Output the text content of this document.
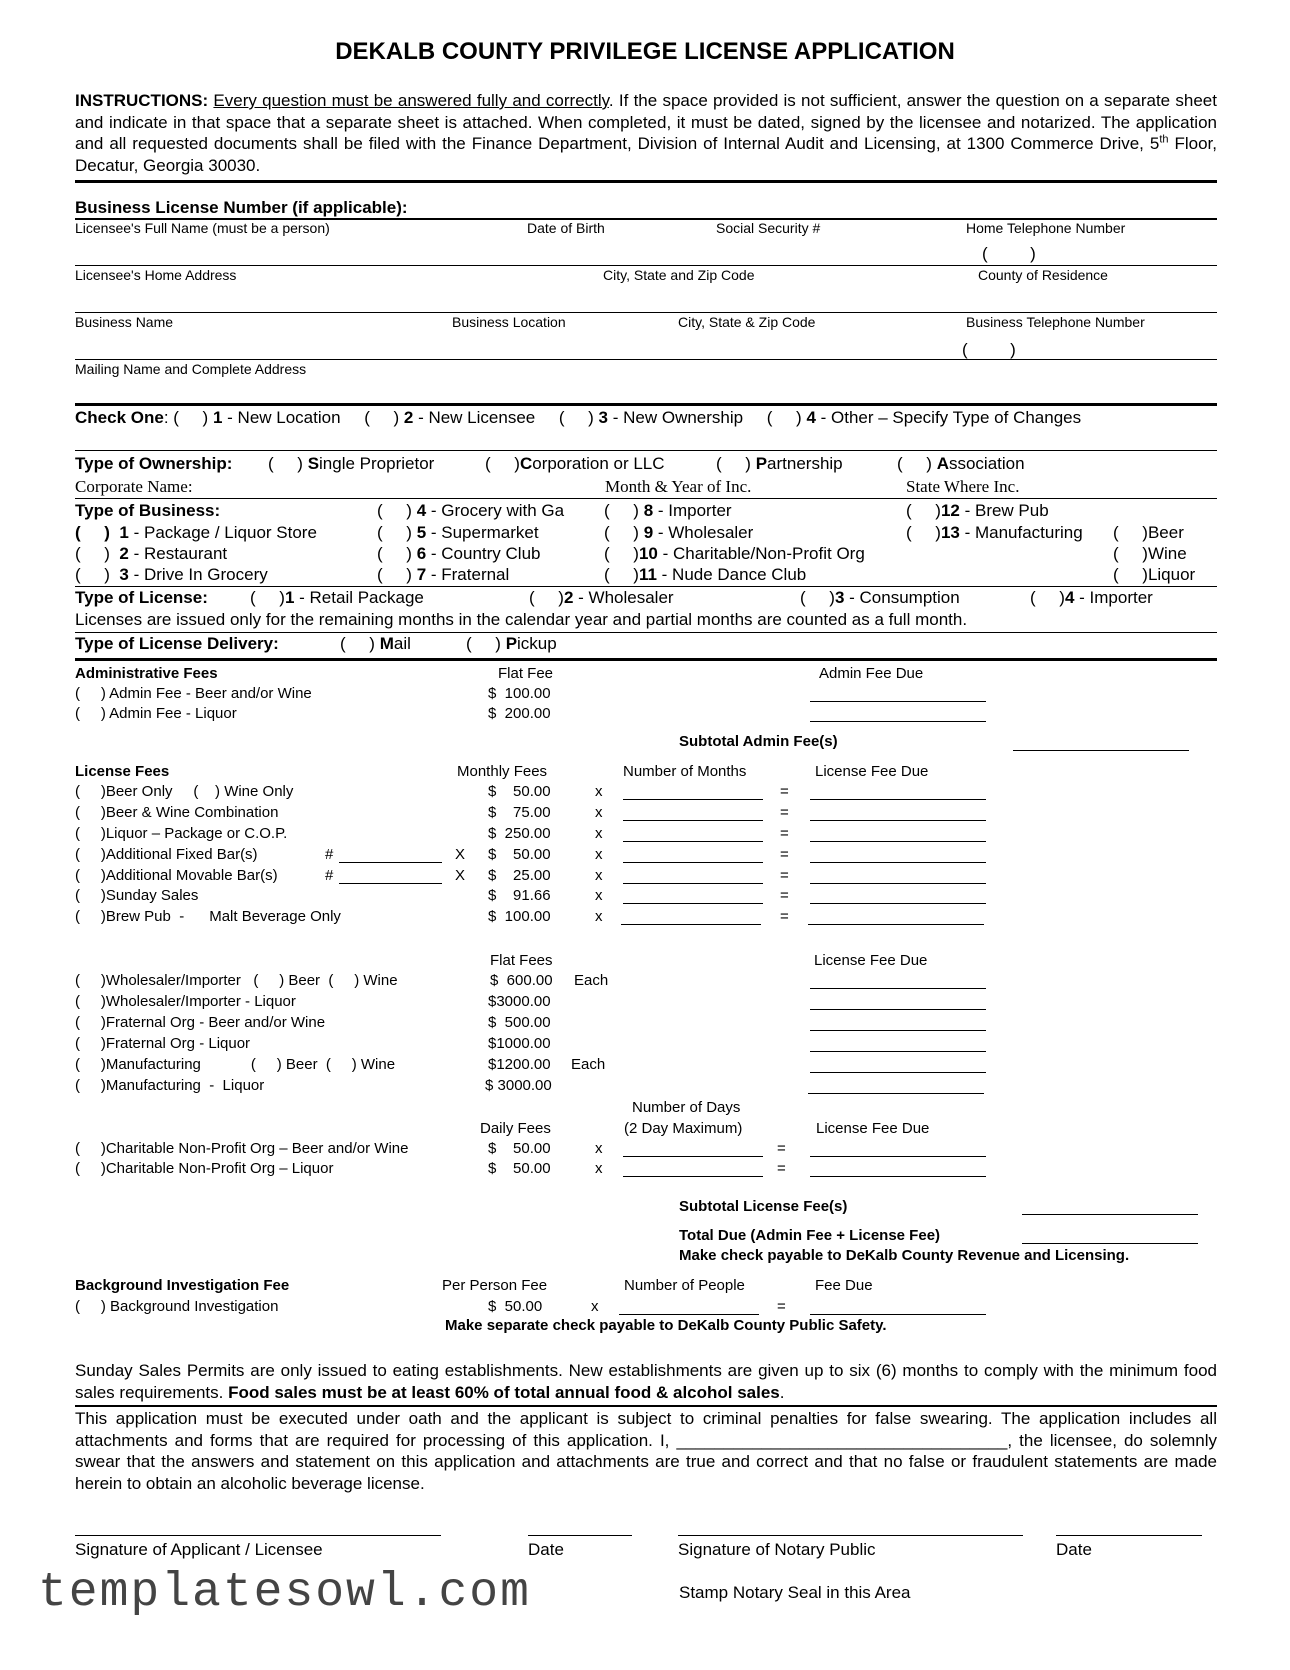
DEKALB COUNTY PRIVILEGE LICENSE APPLICATION
INSTRUCTIONS: Every question must be answered fully and correctly. If the space provided is not sufficient, answer the question on a separate sheet and indicate in that space that a separate sheet is attached. When completed, it must be dated, signed by the licensee and notarized. The application and all requested documents shall be filed with the Finance Department, Division of Internal Audit and Licensing, at 1300 Commerce Drive, 5th Floor, Decatur, Georgia 30030.
Business License Number (if applicable):
Licensee's Full Name (must be a person)	Date of Birth	Social Security #	Home Telephone Number
(         )
Licensee's Home Address	City, State and Zip Code	County of Residence
Business Name	Business Location	City, State & Zip Code	Business Telephone Number
(         )
Mailing Name and Complete Address
Check One: (     ) 1 - New Location (     ) 2 - New Licensee (     ) 3 - New Ownership (     ) 4 - Other – Specify Type of Changes
Type of Ownership: (     ) Single Proprietor	(     )Corporation or LLC	(     ) Partnership	(     ) Association
Corporate Name:	Month & Year of Inc.	State Where Inc.
Type of Business:
(     ) 1 - Package / Liquor Store
(     ) 2 - Restaurant
(     ) 3 - Drive In Grocery
(     ) 4 - Grocery with Ga
(     ) 5 - Supermarket
(     ) 6 - Country Club
(     ) 7 - Fraternal
(     ) 8 - Importer
(     ) 9 - Wholesaler
(     )10 - Charitable/Non-Profit Org
(     )11 - Nude Dance Club
(     )12 - Brew Pub
(     )13 - Manufacturing (     )Beer
(     )Wine
(     )Liquor
Type of License: (     )1 - Retail Package	(     )2 - Wholesaler	(     )3 - Consumption	(     )4 - Importer
Licenses are issued only for the remaining months in the calendar year and partial months are counted as a full month.
Type of License Delivery:	(     ) Mail	(     ) Pickup
Administrative Fees	Flat Fee	Admin Fee Due
(     ) Admin Fee - Beer and/or Wine	$  100.00
(     ) Admin Fee - Liquor	$  200.00
Subtotal Admin Fee(s)
License Fees	Monthly Fees	Number of Months	License Fee Due
(     )Beer Only     (    ) Wine Only	$    50.00	x	=
(     )Beer & Wine Combination	$    75.00	x	=
(     )Liquor – Package or C.O.P.	$  250.00	x	=
(     )Additional Fixed Bar(s)	#	X $    50.00	x	=
(     )Additional Movable Bar(s)	#	X $    25.00	x	=
(     )Sunday Sales	$    91.66	x	=
(     )Brew Pub  -      Malt Beverage Only	$  100.00	x	=
Flat Fees	License Fee Due
(     )Wholesaler/Importer   (     ) Beer  (     ) Wine	$  600.00 Each
(     )Wholesaler/Importer - Liquor	$3000.00
(     )Fraternal Org - Beer and/or Wine	$  500.00
(     )Fraternal Org - Liquor	$1000.00
(     )Manufacturing            (     ) Beer  (     ) Wine	$1200.00 Each
(     )Manufacturing  -  Liquor	$ 3000.00
Number of Days
Daily Fees	(2 Day Maximum)	License Fee Due
(     )Charitable Non-Profit Org – Beer and/or Wine	$    50.00	x	=
(     )Charitable Non-Profit Org – Liquor	$    50.00	x	=
Subtotal License Fee(s)
Total Due (Admin Fee + License Fee)
Make check payable to DeKalb County Revenue and Licensing.
Background Investigation Fee	Per Person Fee	Number of People	Fee Due
(     ) Background Investigation	$  50.00	x	=
Make separate check payable to DeKalb County Public Safety.
Sunday Sales Permits are only issued to eating establishments. New establishments are given up to six (6) months to comply with the minimum food sales requirements. Food sales must be at least 60% of total annual food & alcohol sales.
This application must be executed under oath and the applicant is subject to criminal penalties for false swearing. The application includes all attachments and forms that are required for processing of this application. I, ___________________________________, the licensee, do solemnly swear that the answers and statement on this application and attachments are true and correct and that no false or fraudulent statements are made herein to obtain an alcoholic beverage license.
Signature of Applicant / Licensee	Date	Signature of Notary Public	Date
Stamp Notary Seal in this Area
templatesowl.com
